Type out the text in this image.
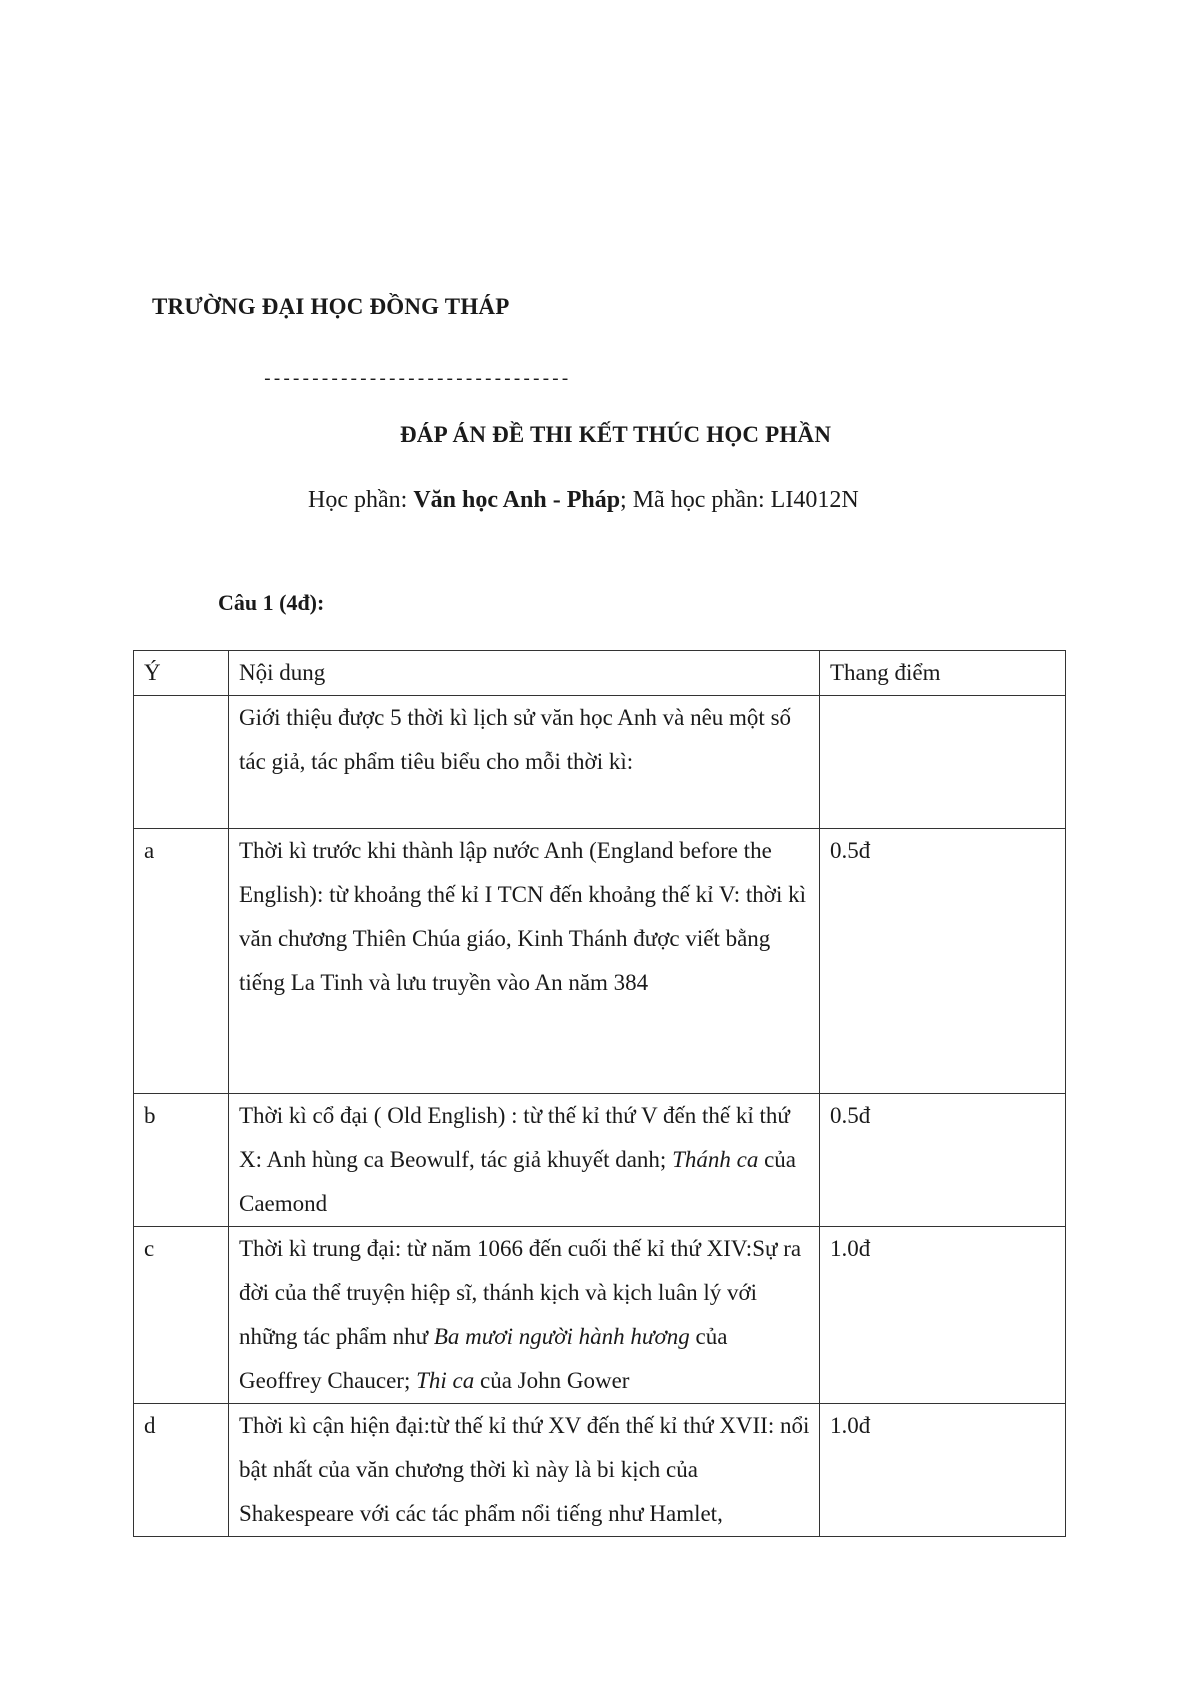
TRƯỜNG ĐẠI HỌC ĐỒNG THÁP
--------------------------------
ĐÁP ÁN ĐỀ THI KẾT THÚC HỌC PHẦN
Học phần: Văn học Anh - Pháp; Mã học phần: LI4012N
Câu 1 (4đ):
Ý	Nội dung	Thang điểm
	Giới thiệu được 5 thời kì lịch sử văn học Anh và nêu một số tác giả, tác phẩm tiêu biểu cho mỗi thời kì:	
a	Thời kì trước khi thành lập nước Anh (England before the English): từ khoảng thế kỉ I TCN đến khoảng thế kỉ V: thời kì văn chương Thiên Chúa giáo, Kinh Thánh được viết bằng tiếng La Tinh và lưu truyền vào An năm 384	0.5đ
b	Thời kì cổ đại ( Old English) : từ thế kỉ thứ V đến thế kỉ thứ X: Anh hùng ca Beowulf, tác giả khuyết danh; Thánh ca của Caemond	0.5đ
c	Thời kì trung đại: từ năm 1066 đến cuối thế kỉ thứ XIV:Sự ra đời của thể truyện hiệp sĩ, thánh kịch và kịch luân lý với những tác phẩm như Ba mươi người hành hương của Geoffrey Chaucer; Thi ca của John Gower	1.0đ
d	Thời kì cận hiện đại:từ thế kỉ thứ XV đến thế kỉ thứ XVII: nổi bật nhất của văn chương thời kì này là bi kịch của Shakespeare với các tác phẩm nổi tiếng như Hamlet,	1.0đ
